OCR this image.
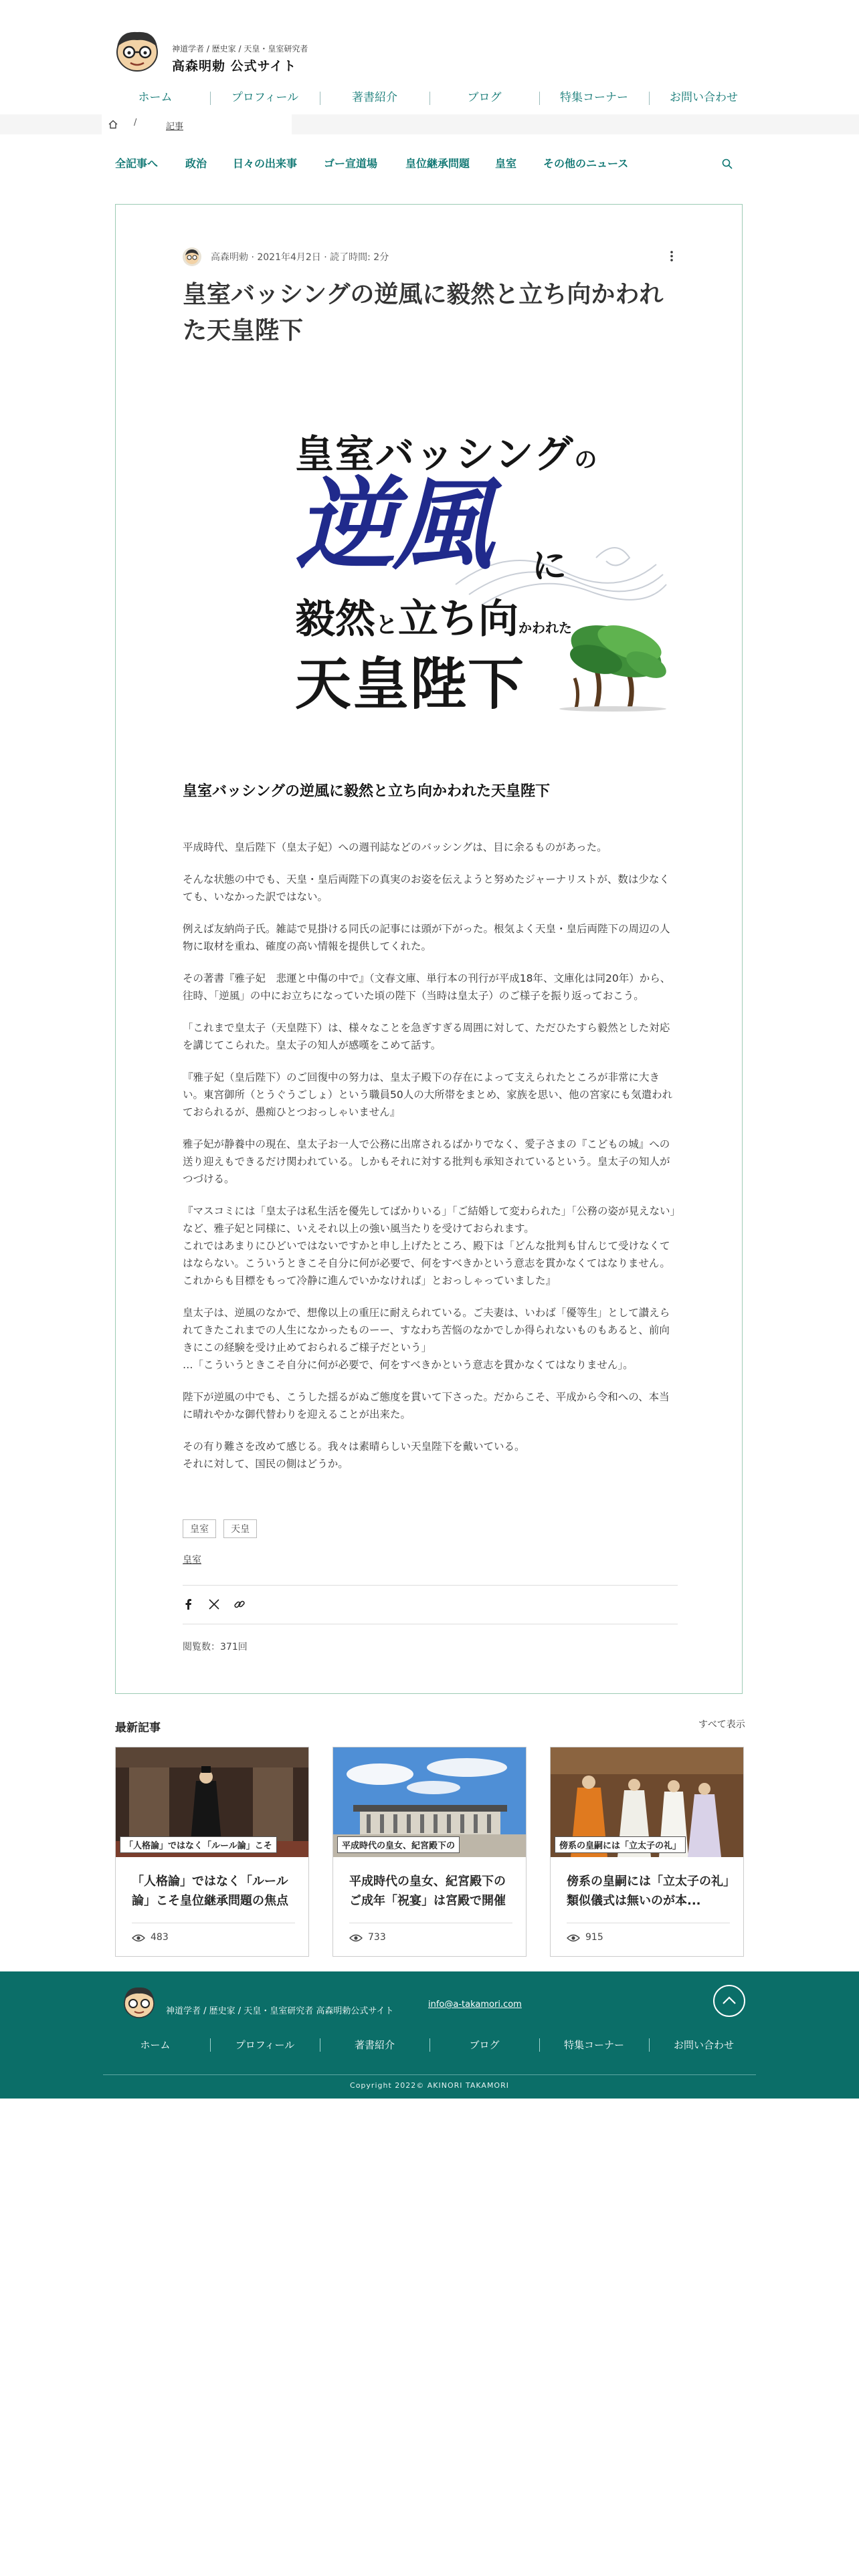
神道学者 / 歴史家 / 天皇・皇室研究者
高森明勅 公式サイト
ホーム	プロフィール	著書紹介	ブログ	特集コーナー	お問い合わせ
/	記事
全記事へ	政治 日々の出来事 ゴー宣道場	皇位継承問題 皇室 その他のニュース
高森明勅 · 2021年4月2日 · 読了時間: 2分
皇室バッシングの逆風に毅然と立ち向かわれた天皇陛下
皇室バッシングの
逆風 に
毅然と立ち向かわれた
天皇陛下
皇室バッシングの逆風に毅然と立ち向かわれた天皇陛下

平成時代、皇后陛下（皇太子妃）への週刊誌などのバッシングは、目に余るものがあった。

そんな状態の中でも、天皇・皇后両陛下の真実のお姿を伝えようと努めたジャーナリストが、数は少なくても、いなかった訳ではない。

例えば友納尚子氏。雑誌で見掛ける同氏の記事には頭が下がった。根気よく天皇・皇后両陛下の周辺の人物に取材を重ね、確度の高い情報を提供してくれた。

その著書『雅子妃　悲運と中傷の中で』（文春文庫、単行本の刊行が平成18年、文庫化は同20年）から、往時、「逆風」の中にお立ちになっていた頃の陛下（当時は皇太子）のご様子を振り返っておこう。

「これまで皇太子（天皇陛下）は、様々なことを急ぎすぎる周囲に対して、ただひたすら毅然とした対応を講じてこられた。皇太子の知人が感嘆をこめて話す。

『雅子妃（皇后陛下）のご回復中の努力は、皇太子殿下の存在によって支えられたところが非常に大きい。東宮御所（とうぐうごしょ）という職員50人の大所帯をまとめ、家族を思い、他の宮家にも気遣われておられるが、愚痴ひとつおっしゃいません』

雅子妃が静養中の現在、皇太子お一人で公務に出席されるばかりでなく、愛子さまの『こどもの城』への送り迎えもできるだけ関われている。しかもそれに対する批判も承知されているという。皇太子の知人がつづける。

『マスコミには「皇太子は私生活を優先してばかりいる」「ご結婚して変わられた」「公務の姿が見えない」など、雅子妃と同様に、いえそれ以上の強い風当たりを受けておられます。
これではあまりにひどいではないですかと申し上げたところ、殿下は「どんな批判も甘んじて受けなくてはならない。こういうときこそ自分に何が必要で、何をすべきかという意志を貫かなくてはなりません。これからも目標をもって冷静に進んでいかなければ」とおっしゃっていました』

皇太子は、逆風のなかで、想像以上の重圧に耐えられている。ご夫妻は、いわば「優等生」として讃えられてきたこれまでの人生になかったものーー、すなわち苦悩のなかでしか得られないものもあると、前向きにこの経験を受け止めておられるご様子だという」
…「こういうときこそ自分に何が必要で、何をすべきかという意志を貫かなくてはなりません」。

陛下が逆風の中でも、こうした揺るがぬご態度を貫いて下さった。だからこそ、平成から令和への、本当に晴れやかな御代替わりを迎えることが出来た。

その有り難さを改めて感じる。我々は素晴らしい天皇陛下を戴いている。
それに対して、国民の側はどうか。

皇室 天皇
皇室
閲覧数：371回
最新記事	すべて表示
「人格論」ではなく「ルール論」こそ
「人格論」ではなく「ルール論」こそ皇位継承問題の焦点
483
平成時代の皇女、紀宮殿下の
平成時代の皇女、紀宮殿下のご成年「祝宴」は宮殿で開催
733
傍系の皇嗣には「立太子の礼」
傍系の皇嗣には「立太子の礼」類似儀式は無いのが本...
915
神道学者 / 歴史家 / 天皇・皇室研究者 高森明勅公式サイト
info@a-takamori.com
ホーム	プロフィール	著書紹介	ブログ	特集コーナー	お問い合わせ
Copyright 2022© AKINORI TAKAMORI
